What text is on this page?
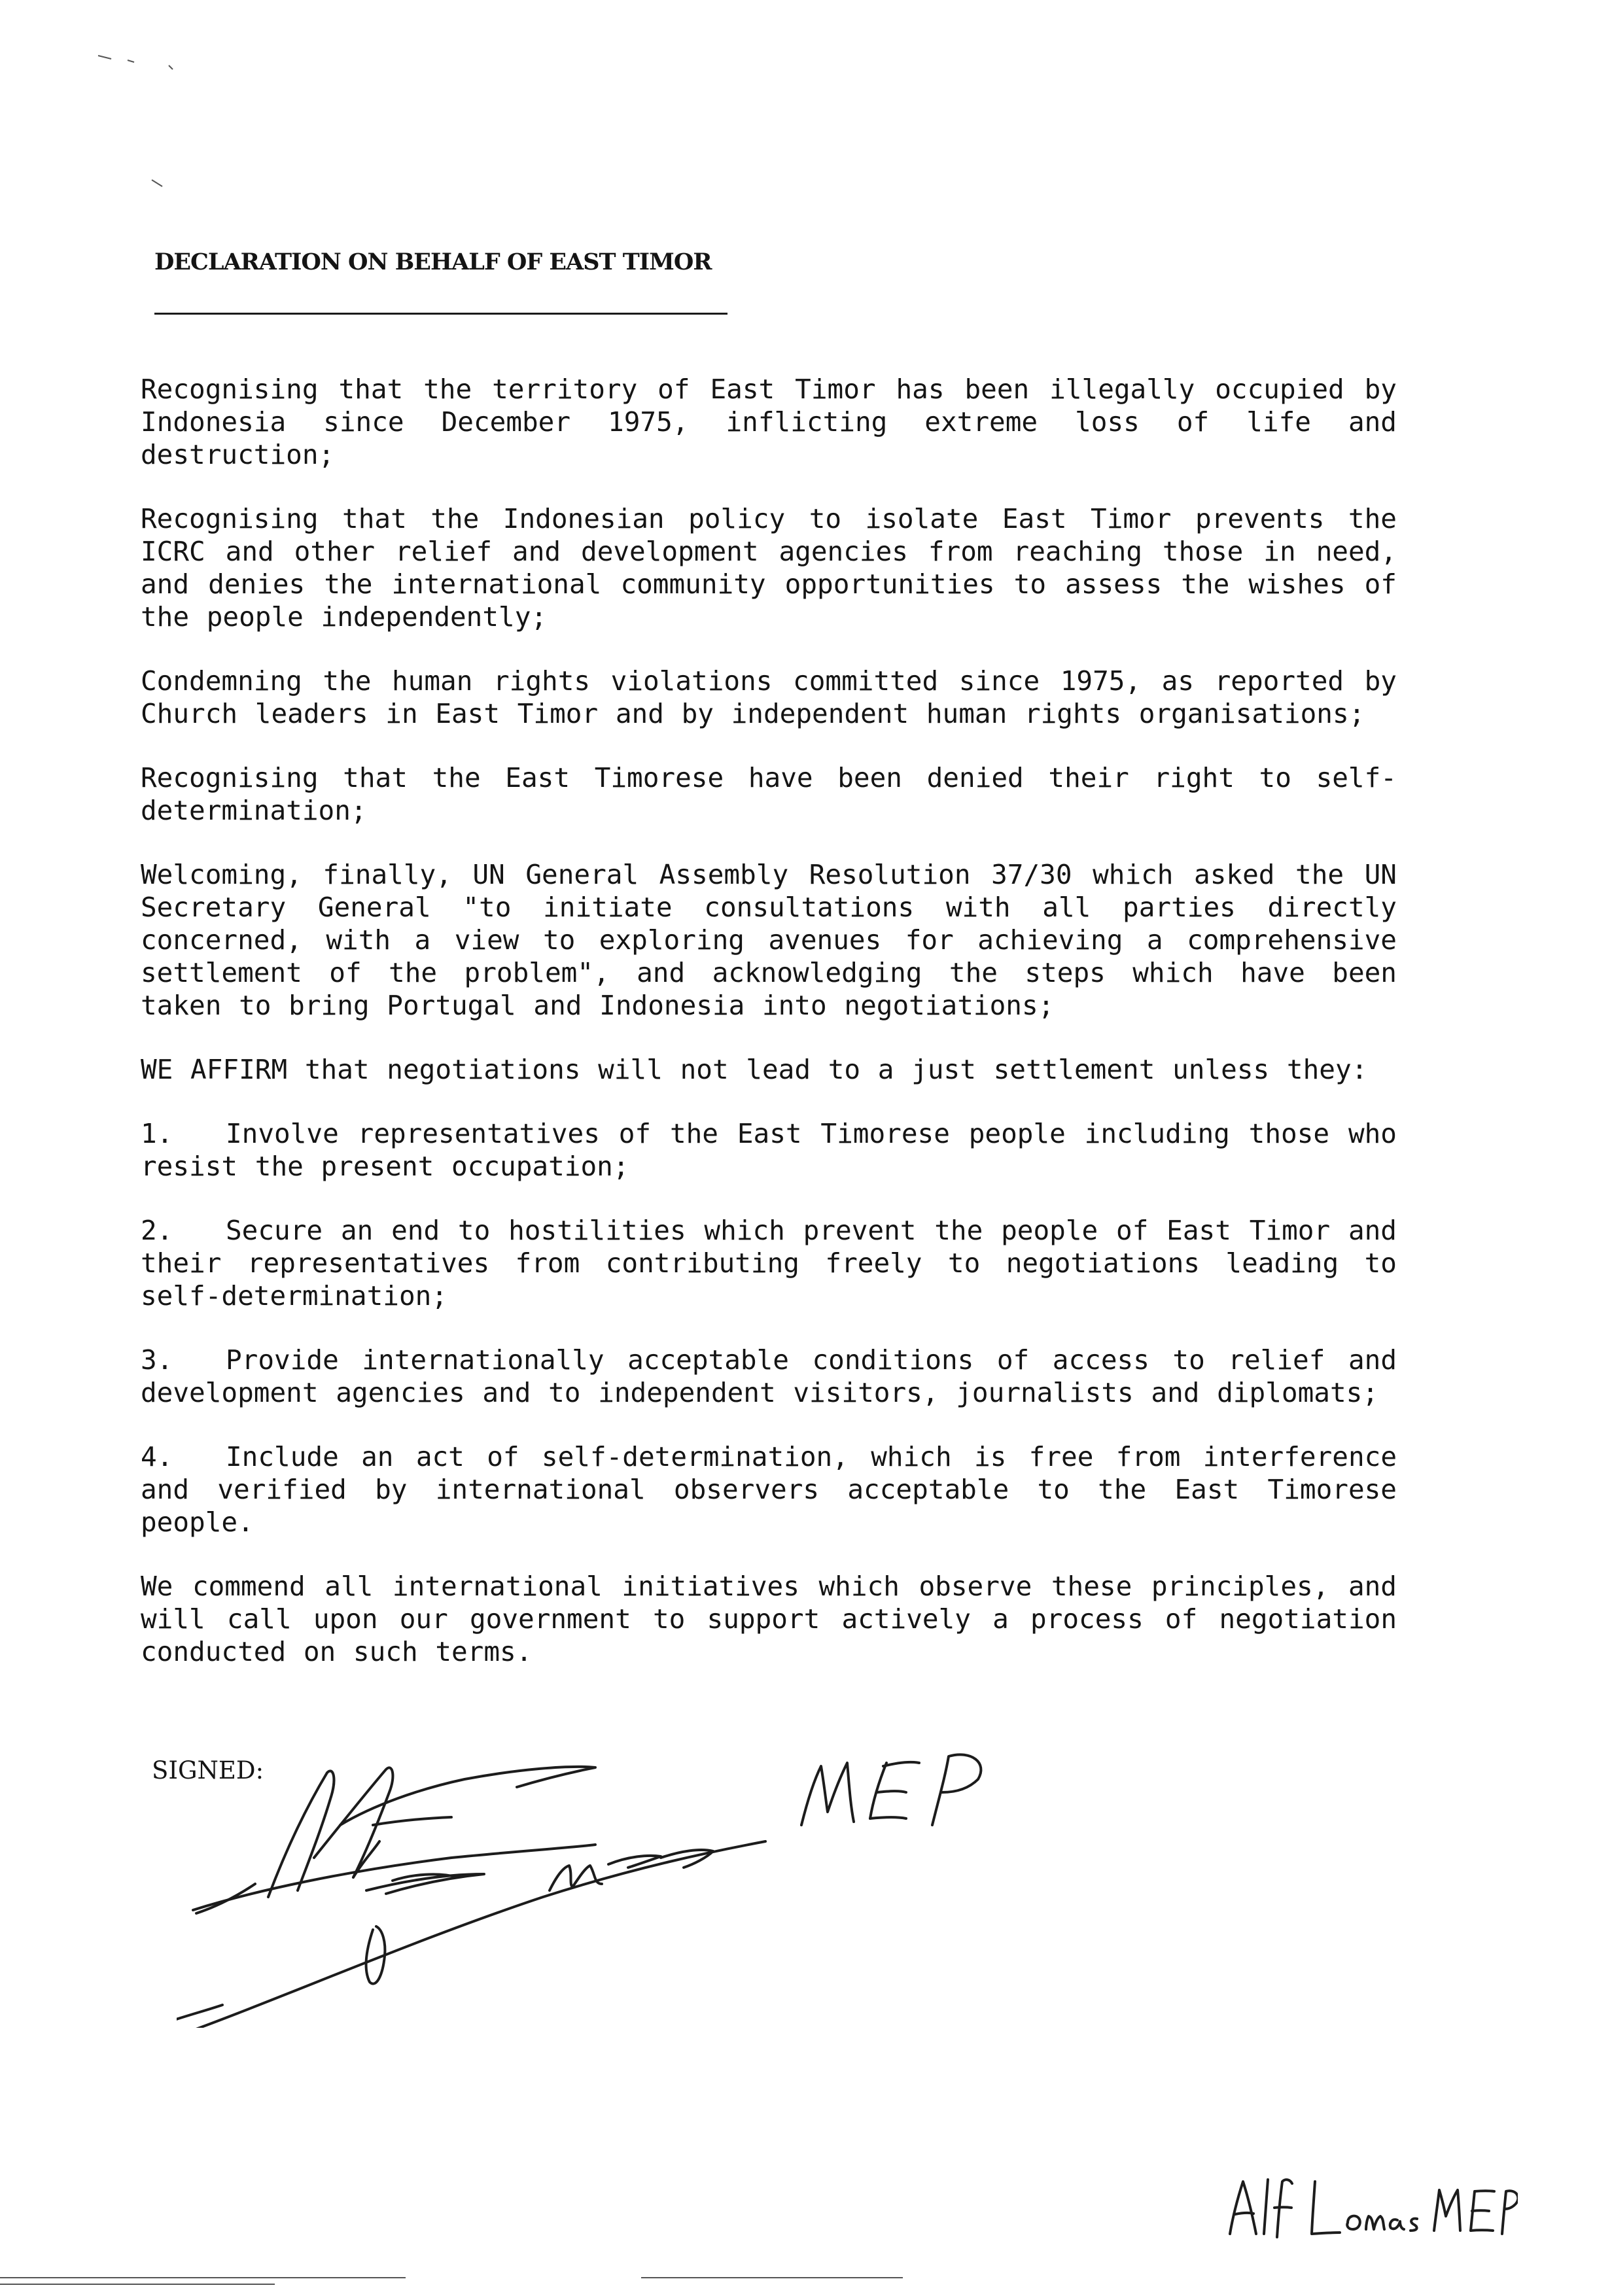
DECLARATION ON BEHALF OF EAST TIMOR

Recognising that the territory of East Timor has been illegally occupied by Indonesia since December 1975, inflicting extreme loss of life and destruction;

Recognising that the Indonesian policy to isolate East Timor prevents the ICRC and other relief and development agencies from reaching those in need, and denies the international community opportunities to assess the wishes of the people independently;

Condemning the human rights violations committed since 1975, as reported by Church leaders in East Timor and by independent human rights organisations;

Recognising that the East Timorese have been denied their right to self-determination;

Welcoming, finally, UN General Assembly Resolution 37/30 which asked the UN Secretary General "to initiate consultations with all parties directly concerned, with a view to exploring avenues for achieving a comprehensive settlement of the problem", and acknowledging the steps which have been taken to bring Portugal and Indonesia into negotiations;

WE AFFIRM that negotiations will not lead to a just settlement unless they:

1. Involve representatives of the East Timorese people including those who resist the present occupation;

2. Secure an end to hostilities which prevent the people of East Timor and their representatives from contributing freely to negotiations leading to self-determination;

3. Provide internationally acceptable conditions of access to relief and development agencies and to independent visitors, journalists and diplomats;

4. Include an act of self-determination, which is free from interference and verified by international observers acceptable to the East Timorese people.

We commend all international initiatives which observe these principles, and will call upon our government to support actively a process of negotiation conducted on such terms.

SIGNED:
MEP
Alf Lomas MEP
